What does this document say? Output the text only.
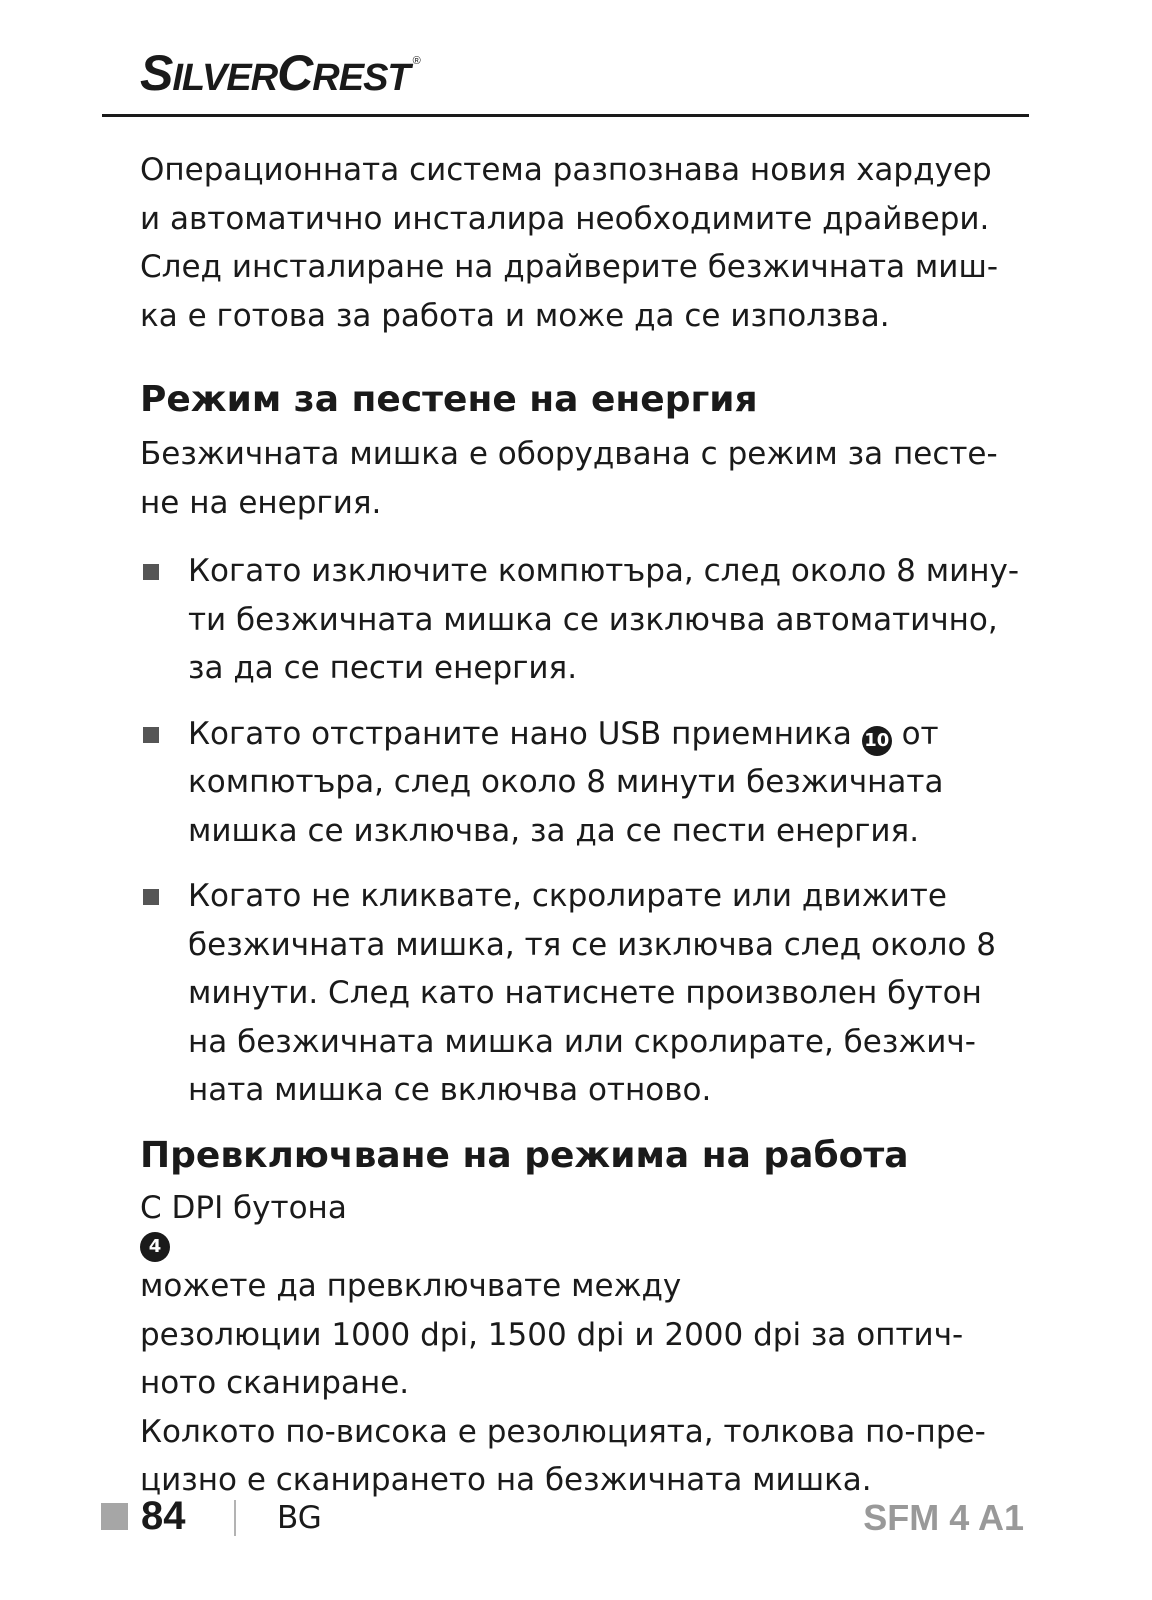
SILVERCREST ®

Операционната система разпознава новия хардуер
и автоматично инсталира необходимите драйвери.
След инсталиране на драйверите безжичната миш-
ка е готова за работа и може да се използва.

Режим за пестене на енергия

Безжичната мишка е оборудвана с режим за песте-
не на енергия.

Когато изключите компютъра, след около 8 мину-
ти безжичната мишка се изключва автоматично,
за да се пести енергия.
Когато отстраните нано USB приемника 10 от
компютъра, след около 8 минути безжичната
мишка се изключва, за да се пести енергия.
Когато не кликвате, скролирате или движите
безжичната мишка, тя се изключва след около 8
минути. След като натиснете произволен бутон
на безжичната мишка или скролирате, безжич-
ната мишка се включва отново.
Превключване на режима на работа

С DPI бутона
4
можете да превключвате между
резолюции 1000 dpi, 1500 dpi и 2000 dpi за оптич-
ното сканиране.

Колкото по-висока е резолюцията, толкова по-пре-
цизно е сканирането на безжичната мишка.

84	BG	SFM 4 A1
